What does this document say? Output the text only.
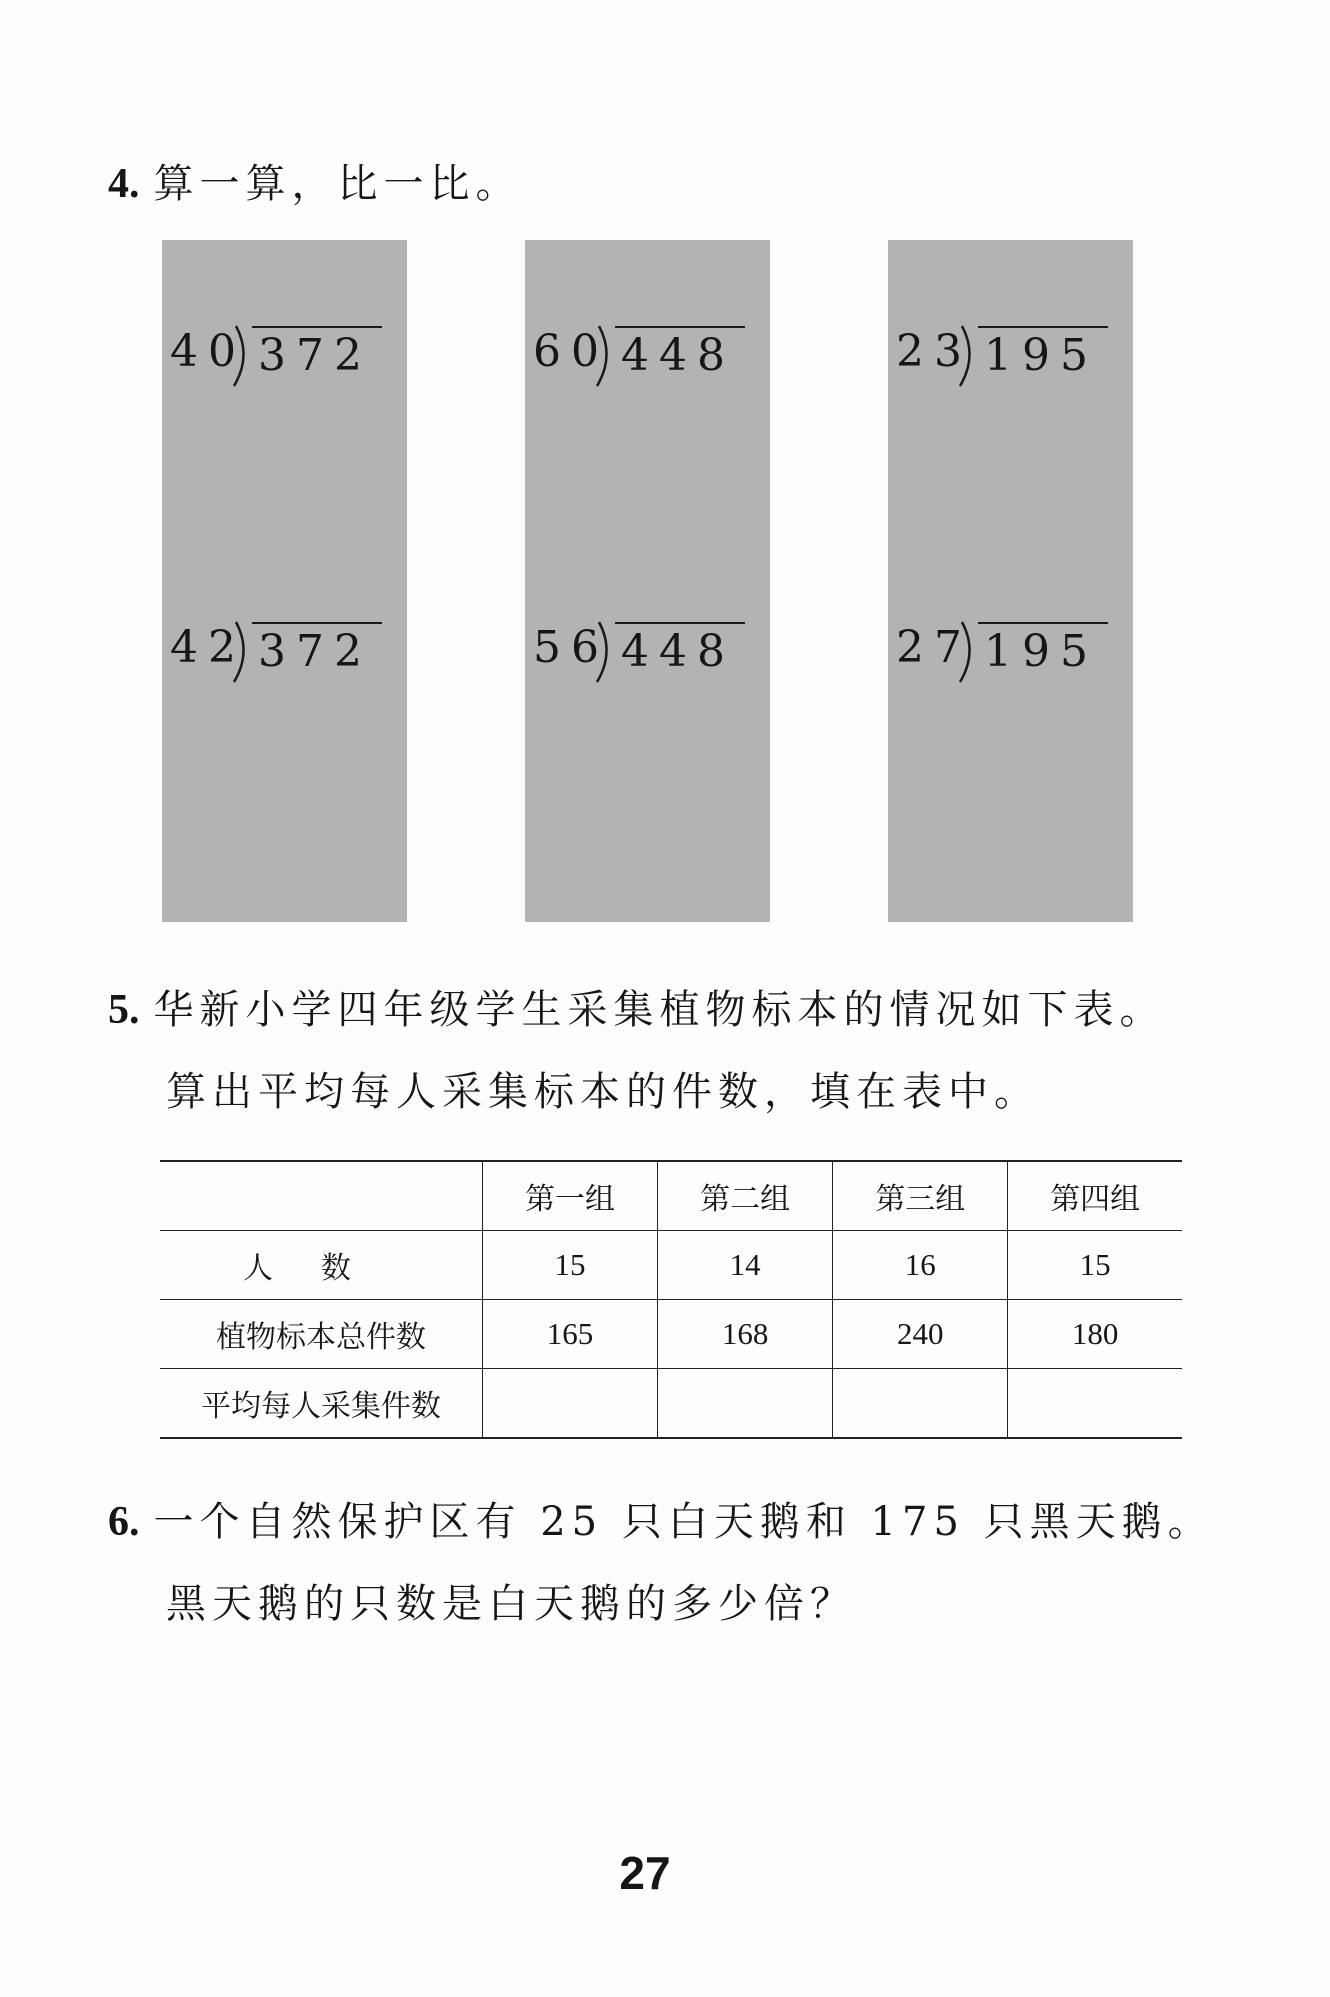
4. 算一算，比一比。
40 372
42 372
60 448
56 448
23 195
27 195
5. 华新小学四年级学生采集植物标本的情况如下表。
算出平均每人采集标本的件数，填在表中。
	第一组	第二组	第三组	第四组
人数	15	14	16	15
植物标本总件数	165	168	240	180
平均每人采集件数				
6. 一个自然保护区有 25 只白天鹅和 175 只黑天鹅。
黑天鹅的只数是白天鹅的多少倍？
27
